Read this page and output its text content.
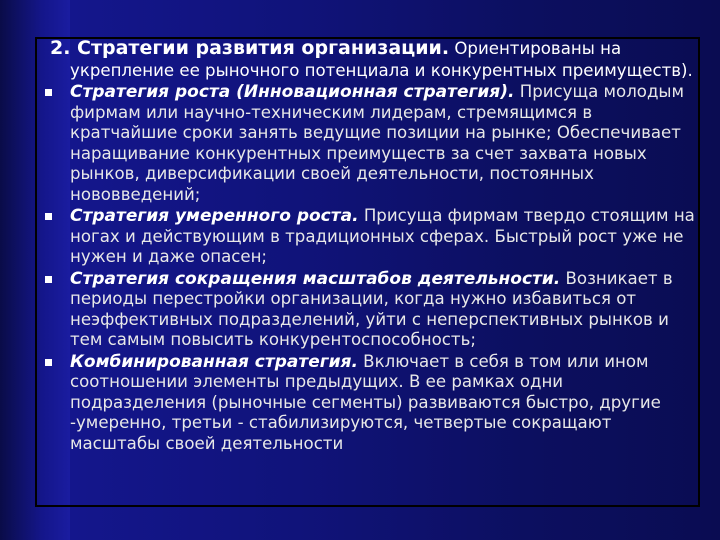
2. Стратегии развития организации. Ориентированы на
укрепление ее рыночного потенциала и конкурентных преимуществ).
Стратегия роста (Инновационная стратегия). Присуща молодым фирмам или научно-техническим лидерам, стремящимся в кратчайшие сроки занять ведущие позиции на рынке; Обеспечивает наращивание конкурентных преимуществ за счет захвата новых рынков, диверсификации своей деятельности, постоянных нововведений;
Стратегия умеренного роста. Присуща фирмам твердо стоящим на ногах и действующим в традиционных сферах. Быстрый рост уже не нужен и даже опасен;
Стратегия сокращения масштабов деятельности. Возникает в периоды перестройки организации, когда нужно избавиться от неэффективных подразделений, уйти с неперспективных рынков и тем самым повысить конкурентоспособность;
Комбинированная стратегия. Включает в себя в том или ином соотношении элементы предыдущих. В ее рамках одни подразделения (рыночные сегменты) развиваются быстро, другие -умеренно, третьи - стабилизируются, четвертые сокращают масштабы своей деятельности
